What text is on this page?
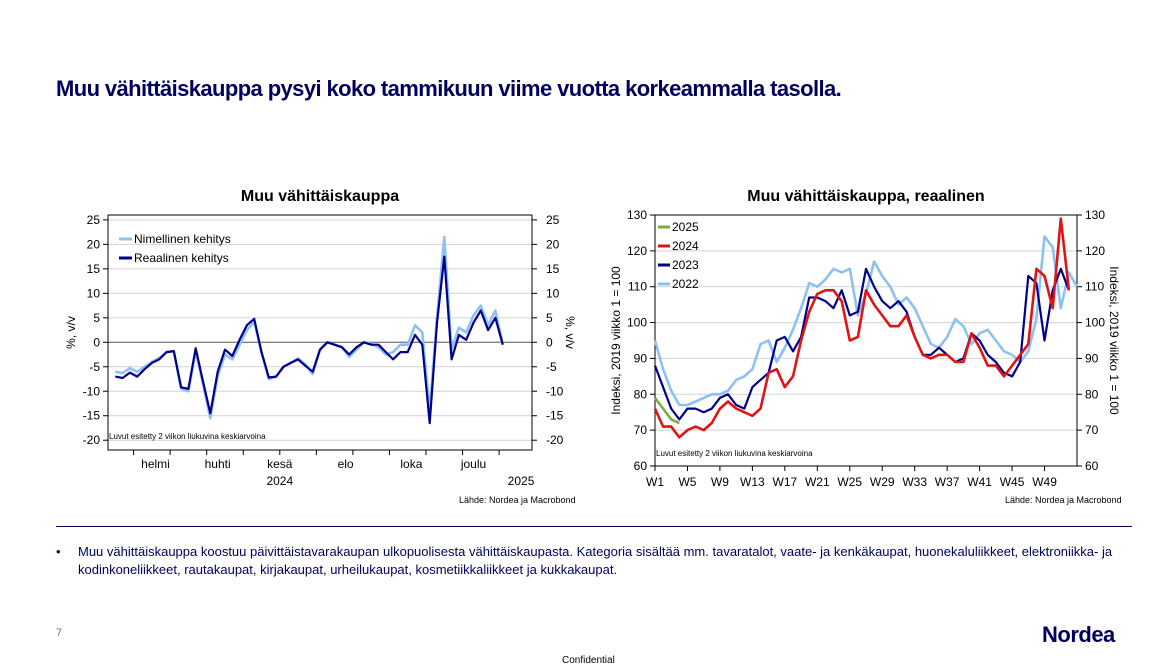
Muu vähittäiskauppa pysyi koko tammikuun viime vuotta korkeammalla tasolla.
Muu vähittäiskauppa	Muu vähittäiskauppa, reaalinen
-20	-20
-15	-15
-10	-10
-5	-5
0	0
5	5
10	10
15	15
20	20
25	25
helmi	huhti	kesä	elo	loka	joulu
2024	2025
%, v/v	%, v/v
Nimellinen kehitys
Reaalinen kehitys
Luvut esitetty 2 viikon liukuvina keskiarvoina
60	60
70	70
80	80
90	90
100	100
110	110
120	120
130	130
W1 W5 W9 W13 W17 W21 W25 W29 W33 W37 W41 W45 W49
Indeksi, 2019 viikko 1 = 100	Indeksi, 2019 viikko 1 = 100
2025
2024
2023
2022
Luvut esitetty 2 viikon liukuvina keskiarvoina
Lähde: Nordea ja Macrobond	Lähde: Nordea ja Macrobond
• Muu vähittäiskauppa koostuu päivittäistavarakaupan ulkopuolisesta vähittäiskaupasta. Kategoria sisältää mm. tavaratalot, vaate- ja kenkäkaupat, huonekaluliikkeet, elektroniikka- ja kodinkoneliikkeet, rautakaupat, kirjakaupat, urheilukaupat, kosmetiikkaliikkeet ja kukkakaupat.
7	Nordea
Confidential
